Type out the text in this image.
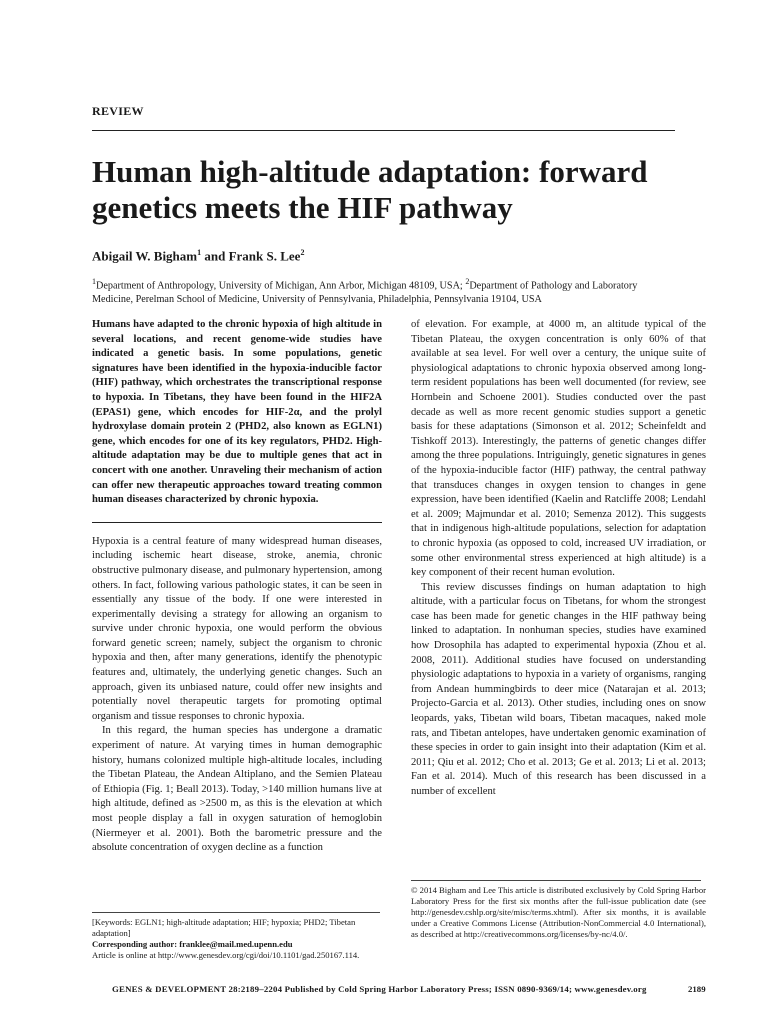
REVIEW
Human high-altitude adaptation: forward genetics meets the HIF pathway
Abigail W. Bigham$^1$ and Frank S. Lee$^2$
$^1$Department of Anthropology, University of Michigan, Ann Arbor, Michigan 48109, USA; $^2$Department of Pathology and Laboratory Medicine, Perelman School of Medicine, University of Pennsylvania, Philadelphia, Pennsylvania 19104, USA

Humans have adapted to the chronic hypoxia of high altitude in several locations, and recent genome-wide studies have indicated a genetic basis. In some populations, genetic signatures have been identified in the hypoxia-inducible factor (HIF) pathway, which orchestrates the transcriptional response to hypoxia. In Tibetans, they have been found in the HIF2A (EPAS1) gene, which encodes for HIF-2α, and the prolyl hydroxylase domain protein 2 (PHD2, also known as EGLN1) gene, which encodes for one of its key regulators, PHD2. High-altitude adaptation may be due to multiple genes that act in concert with one another. Unraveling their mechanism of action can offer new therapeutic approaches toward treating common human diseases characterized by chronic hypoxia.

Hypoxia is a central feature of many widespread human diseases, including ischemic heart disease, stroke, anemia, chronic obstructive pulmonary disease, and pulmonary hypertension, among others. In fact, following various pathologic states, it can be seen in essentially any tissue of the body. If one were interested in experimentally devising a strategy for allowing an organism to survive under chronic hypoxia, one would perform the obvious forward genetic screen; namely, subject the organism to chronic hypoxia and then, after many generations, identify the phenotypic features and, ultimately, the underlying genetic changes. Such an approach, given its unbiased nature, could offer new insights and potentially novel therapeutic targets for promoting optimal organism and tissue responses to chronic hypoxia.

In this regard, the human species has undergone a dramatic experiment of nature. At varying times in human demographic history, humans colonized multiple high-altitude locales, including the Tibetan Plateau, the Andean Altiplano, and the Semien Plateau of Ethiopia (Fig. 1; Beall 2013). Today, >140 million humans live at high altitude, defined as >2500 m, as this is the elevation at which most people display a fall in oxygen saturation of hemoglobin (Niermeyer et al. 2001). Both the barometric pressure and the absolute concentration of oxygen decline as a function

of elevation. For example, at 4000 m, an altitude typical of the Tibetan Plateau, the oxygen concentration is only 60% of that available at sea level. For well over a century, the unique suite of physiological adaptations to chronic hypoxia observed among long-term resident populations has been well documented (for review, see Hornbein and Schoene 2001). Studies conducted over the past decade as well as more recent genomic studies support a genetic basis for these adaptations (Simonson et al. 2012; Scheinfeldt and Tishkoff 2013). Interestingly, the patterns of genetic changes differ among the three populations. Intriguingly, genetic signatures in genes of the hypoxia-inducible factor (HIF) pathway, the central pathway that transduces changes in oxygen tension to changes in gene expression, have been identified (Kaelin and Ratcliffe 2008; Lendahl et al. 2009; Majmundar et al. 2010; Semenza 2012). This suggests that in indigenous high-altitude populations, selection for adaptation to chronic hypoxia (as opposed to cold, increased UV irradiation, or some other environmental stress experienced at high altitude) is a key component of their recent human evolution.

This review discusses findings on human adaptation to high altitude, with a particular focus on Tibetans, for whom the strongest case has been made for genetic changes in the HIF pathway being linked to adaptation. In nonhuman species, studies have examined how Drosophila has adapted to experimental hypoxia (Zhou et al. 2008, 2011). Additional studies have focused on understanding physiologic adaptations to hypoxia in a variety of organisms, ranging from Andean hummingbirds to deer mice (Natarajan et al. 2013; Projecto-Garcia et al. 2013). Other studies, including ones on snow leopards, yaks, Tibetan wild boars, Tibetan macaques, naked mole rats, and Tibetan antelopes, have undertaken genomic examination of these species in order to gain insight into their adaptation (Kim et al. 2011; Qiu et al. 2012; Cho et al. 2013; Ge et al. 2013; Li et al. 2013; Fan et al. 2014). Much of this research has been discussed in a number of excellent

[Keywords: EGLN1; high-altitude adaptation; HIF; hypoxia; PHD2; Tibetan adaptation]
Corresponding author: franklee@mail.med.upenn.edu
Article is online at http://www.genesdev.org/cgi/doi/10.1101/gad.250167.114.
© 2014 Bigham and Lee This article is distributed exclusively by Cold Spring Harbor Laboratory Press for the first six months after the full-issue publication date (see http://genesdev.cshlp.org/site/misc/terms.xhtml). After six months, it is available under a Creative Commons License (Attribution-NonCommercial 4.0 International), as described at http://creativecommons.org/licenses/by-nc/4.0/.
GENES & DEVELOPMENT 28:2189–2204 Published by Cold Spring Harbor Laboratory Press; ISSN 0890-9369/14; www.genesdev.org	2189
